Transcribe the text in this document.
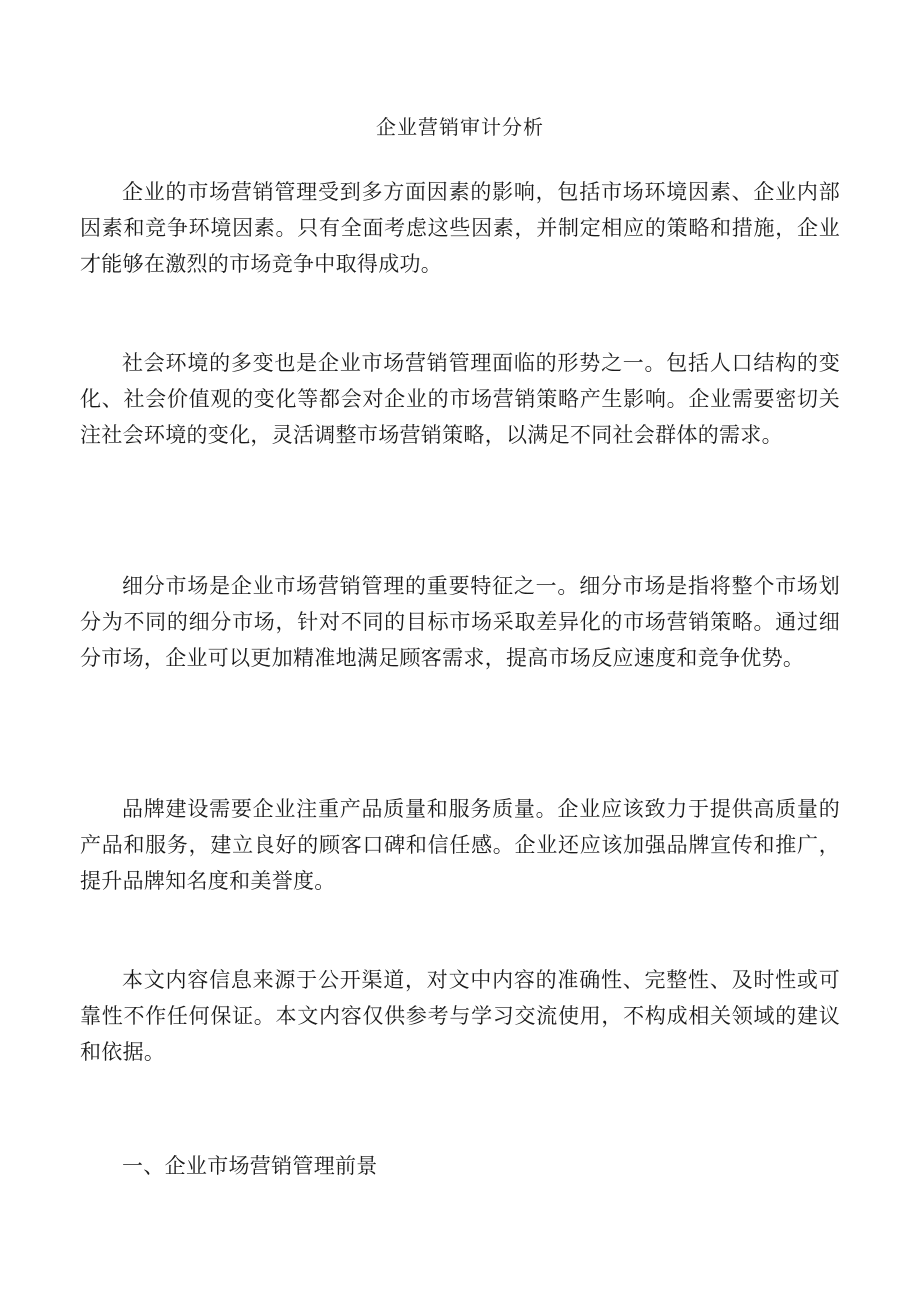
企业营销审计分析

企业的市场营销管理受到多方面因素的影响，包括市场环境因素、企业内部因素和竞争环境因素。只有全面考虑这些因素，并制定相应的策略和措施，企业才能够在激烈的市场竞争中取得成功。

社会环境的多变也是企业市场营销管理面临的形势之一。包括人口结构的变化、社会价值观的变化等都会对企业的市场营销策略产生影响。企业需要密切关注社会环境的变化，灵活调整市场营销策略，以满足不同社会群体的需求。

细分市场是企业市场营销管理的重要特征之一。细分市场是指将整个市场划分为不同的细分市场，针对不同的目标市场采取差异化的市场营销策略。通过细分市场，企业可以更加精准地满足顾客需求，提高市场反应速度和竞争优势。

品牌建设需要企业注重产品质量和服务质量。企业应该致力于提供高质量的产品和服务，建立良好的顾客口碑和信任感。企业还应该加强品牌宣传和推广，提升品牌知名度和美誉度。

本文内容信息来源于公开渠道，对文中内容的准确性、完整性、及时性或可靠性不作任何保证。本文内容仅供参考与学习交流使用，不构成相关领域的建议和依据。

一、企业市场营销管理前景
